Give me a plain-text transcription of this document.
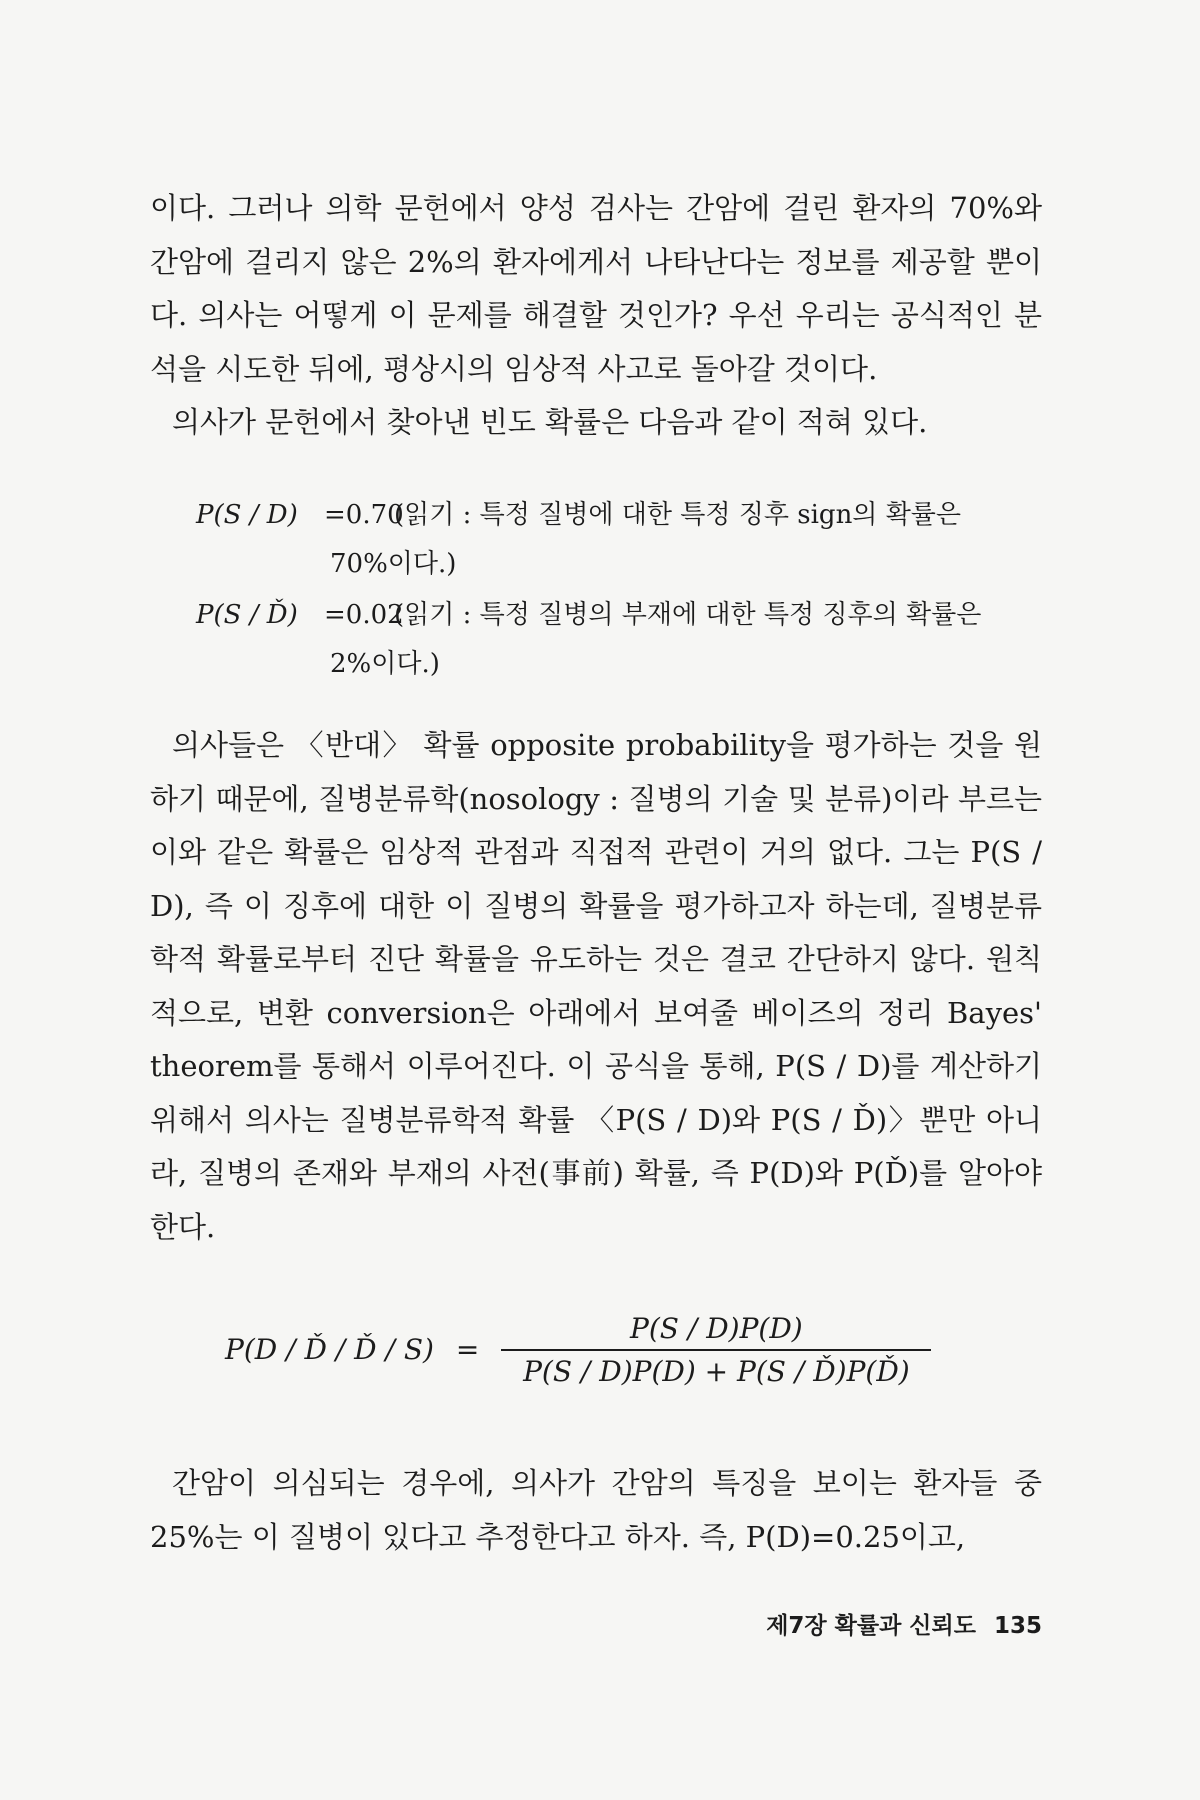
이다. 그러나 의학 문헌에서 양성 검사는 간암에 걸린 환자의 70%와 간암에 걸리지 않은 2%의 환자에게서 나타난다는 정보를 제공할 뿐이다. 의사는 어떻게 이 문제를 해결할 것인가? 우선 우리는 공식적인 분석을 시도한 뒤에, 평상시의 임상적 사고로 돌아갈 것이다.

의사가 문헌에서 찾아낸 빈도 확률은 다음과 같이 적혀 있다.

P(S / D)	=0.70
(읽기 : 특정 질병에 대한 특정 징후 sign의 확률은
70%이다.)
P(S / Ď)	=0.02
(읽기 : 특정 질병의 부재에 대한 특정 징후의 확률은
2%이다.)

의사들은 〈반대〉 확률 opposite probability을 평가하는 것을 원하기 때문에, 질병분류학(nosology : 질병의 기술 및 분류)이라 부르는 이와 같은 확률은 임상적 관점과 직접적 관련이 거의 없다. 그는 P(S / D), 즉 이 징후에 대한 이 질병의 확률을 평가하고자 하는데, 질병분류학적 확률로부터 진단 확률을 유도하는 것은 결코 간단하지 않다. 원칙적으로, 변환 conversion은 아래에서 보여줄 베이즈의 정리 Bayes' theorem를 통해서 이루어진다. 이 공식을 통해, P(S / D)를 계산하기 위해서 의사는 질병분류학적 확률 〈P(S / D)와 P(S / Ď)〉뿐만 아니라, 질병의 존재와 부재의 사전(事前) 확률, 즉 P(D)와 P(Ď)를 알아야 한다.

P(D / Ď / Ď / $S) = \frac{P(S / D)P(D)}{P(S / D)P(D) + P(S / Ď)P(Ď)}$

간암이 의심되는 경우에, 의사가 간암의 특징을 보이는 환자들 중 25%는 이 질병이 있다고 추정한다고 하자. 즉, P(D)=0.25이고,

제7장 확률과 신뢰도 135
